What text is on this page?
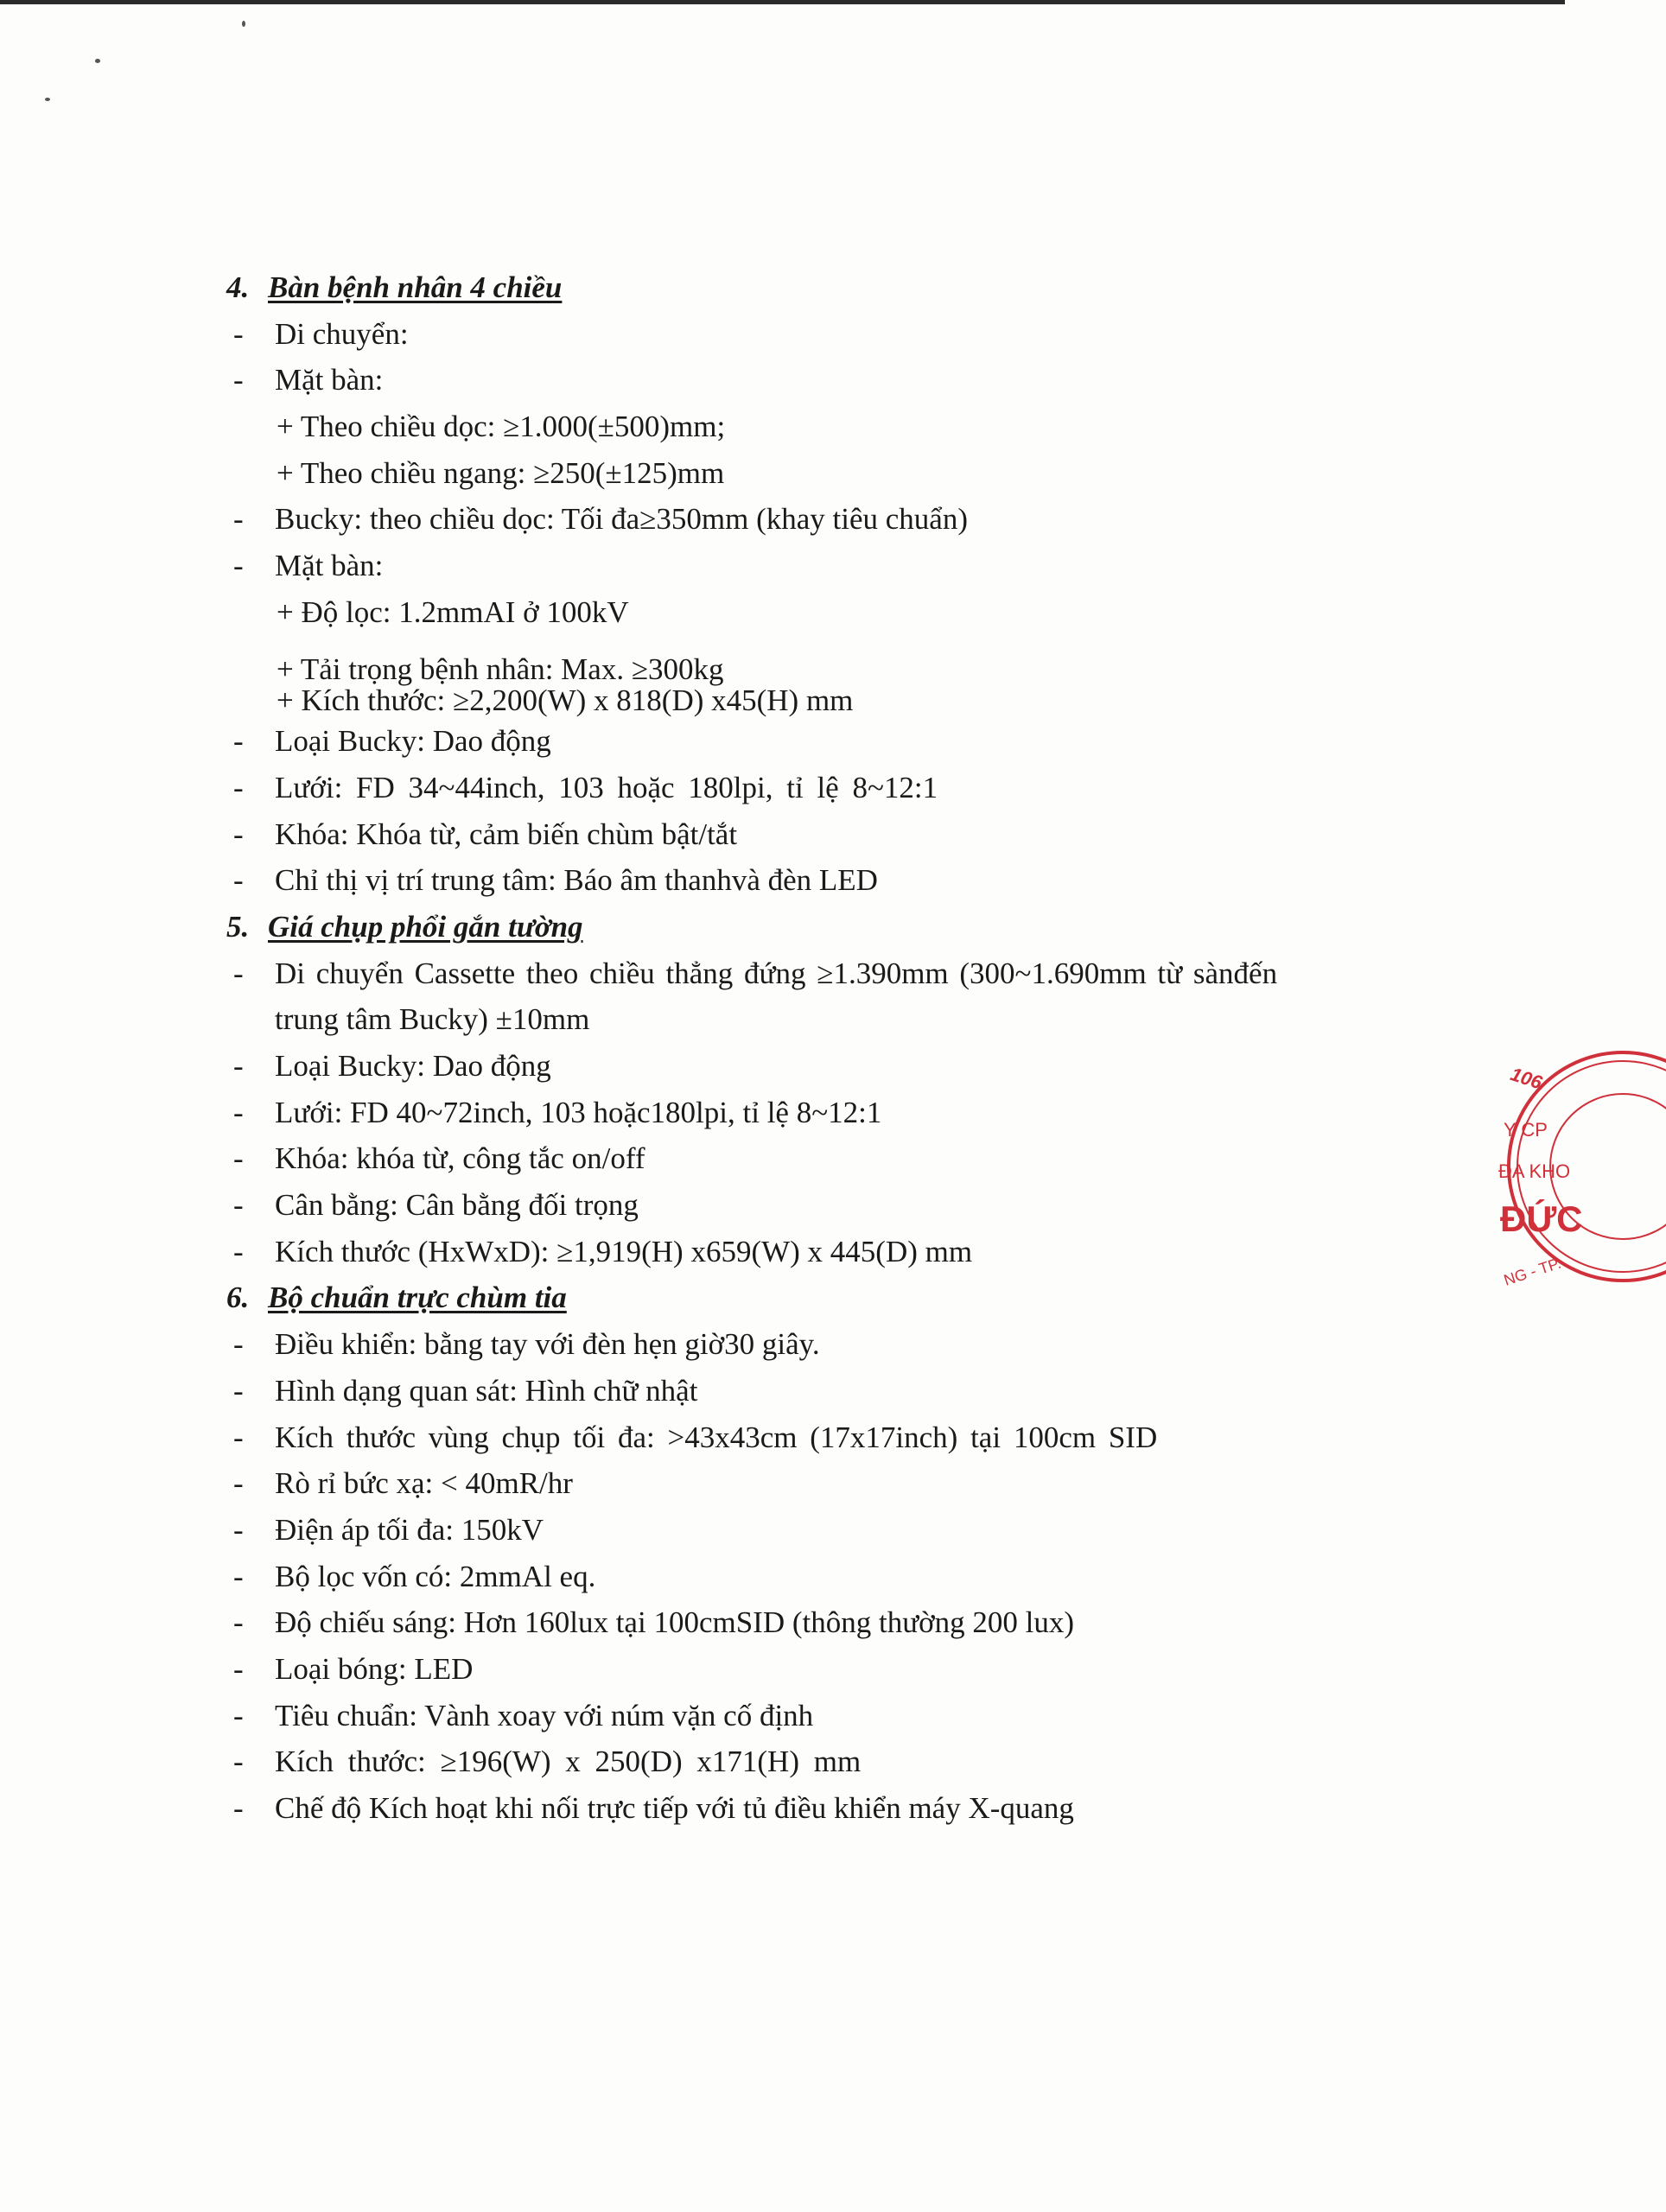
4. Bàn bệnh nhân 4 chiều
- Di chuyển:
- Mặt bàn:
+ Theo chiều dọc: ≥1.000(±500)mm;
+ Theo chiều ngang: ≥250(±125)mm
- Bucky: theo chiều dọc: Tối đa≥350mm (khay tiêu chuẩn)
- Mặt bàn:
+ Độ lọc: 1.2mmAI ở 100kV
+ Tải trọng bệnh nhân: Max. ≥300kg
+ Kích thước: ≥2,200(W) x 818(D) x45(H) mm
- Loại Bucky: Dao động
- Lưới: FD 34~44inch, 103 hoặc 180lpi, tỉ lệ 8~12:1
- Khóa: Khóa từ, cảm biến chùm bật/tắt
- Chỉ thị vị trí trung tâm: Báo âm thanhvà đèn LED
5. Giá chụp phổi gắn tường
- Di chuyển Cassette theo chiều thẳng đứng ≥1.390mm (300~1.690mm từ sànđến
trung tâm Bucky) ±10mm
- Loại Bucky: Dao động
- Lưới: FD 40~72inch, 103 hoặc180lpi, tỉ lệ 8~12:1
- Khóa: khóa từ, công tắc on/off
- Cân bằng: Cân bằng đối trọng
- Kích thước (HxWxD): ≥1,919(H) x659(W) x 445(D) mm
6. Bộ chuẩn trực chùm tia
- Điều khiển: bằng tay với đèn hẹn giờ30 giây.
- Hình dạng quan sát: Hình chữ nhật
- Kích thước vùng chụp tối đa: >43x43cm (17x17inch) tại 100cm SID
- Rò rỉ bức xạ: < 40mR/hr
- Điện áp tối đa: 150kV
- Bộ lọc vốn có: 2mmAl eq.
- Độ chiếu sáng: Hơn 160lux tại 100cmSID (thông thường 200 lux)
- Loại bóng: LED
- Tiêu chuẩn: Vành xoay với núm vặn cố định
- Kích thước: ≥196(W) x 250(D) x171(H) mm
- Chế độ Kích hoạt khi nối trực tiếp với tủ điều khiển máy X-quang
106
Y CP
ĐA KHO
ĐỨC
NG - TP.
